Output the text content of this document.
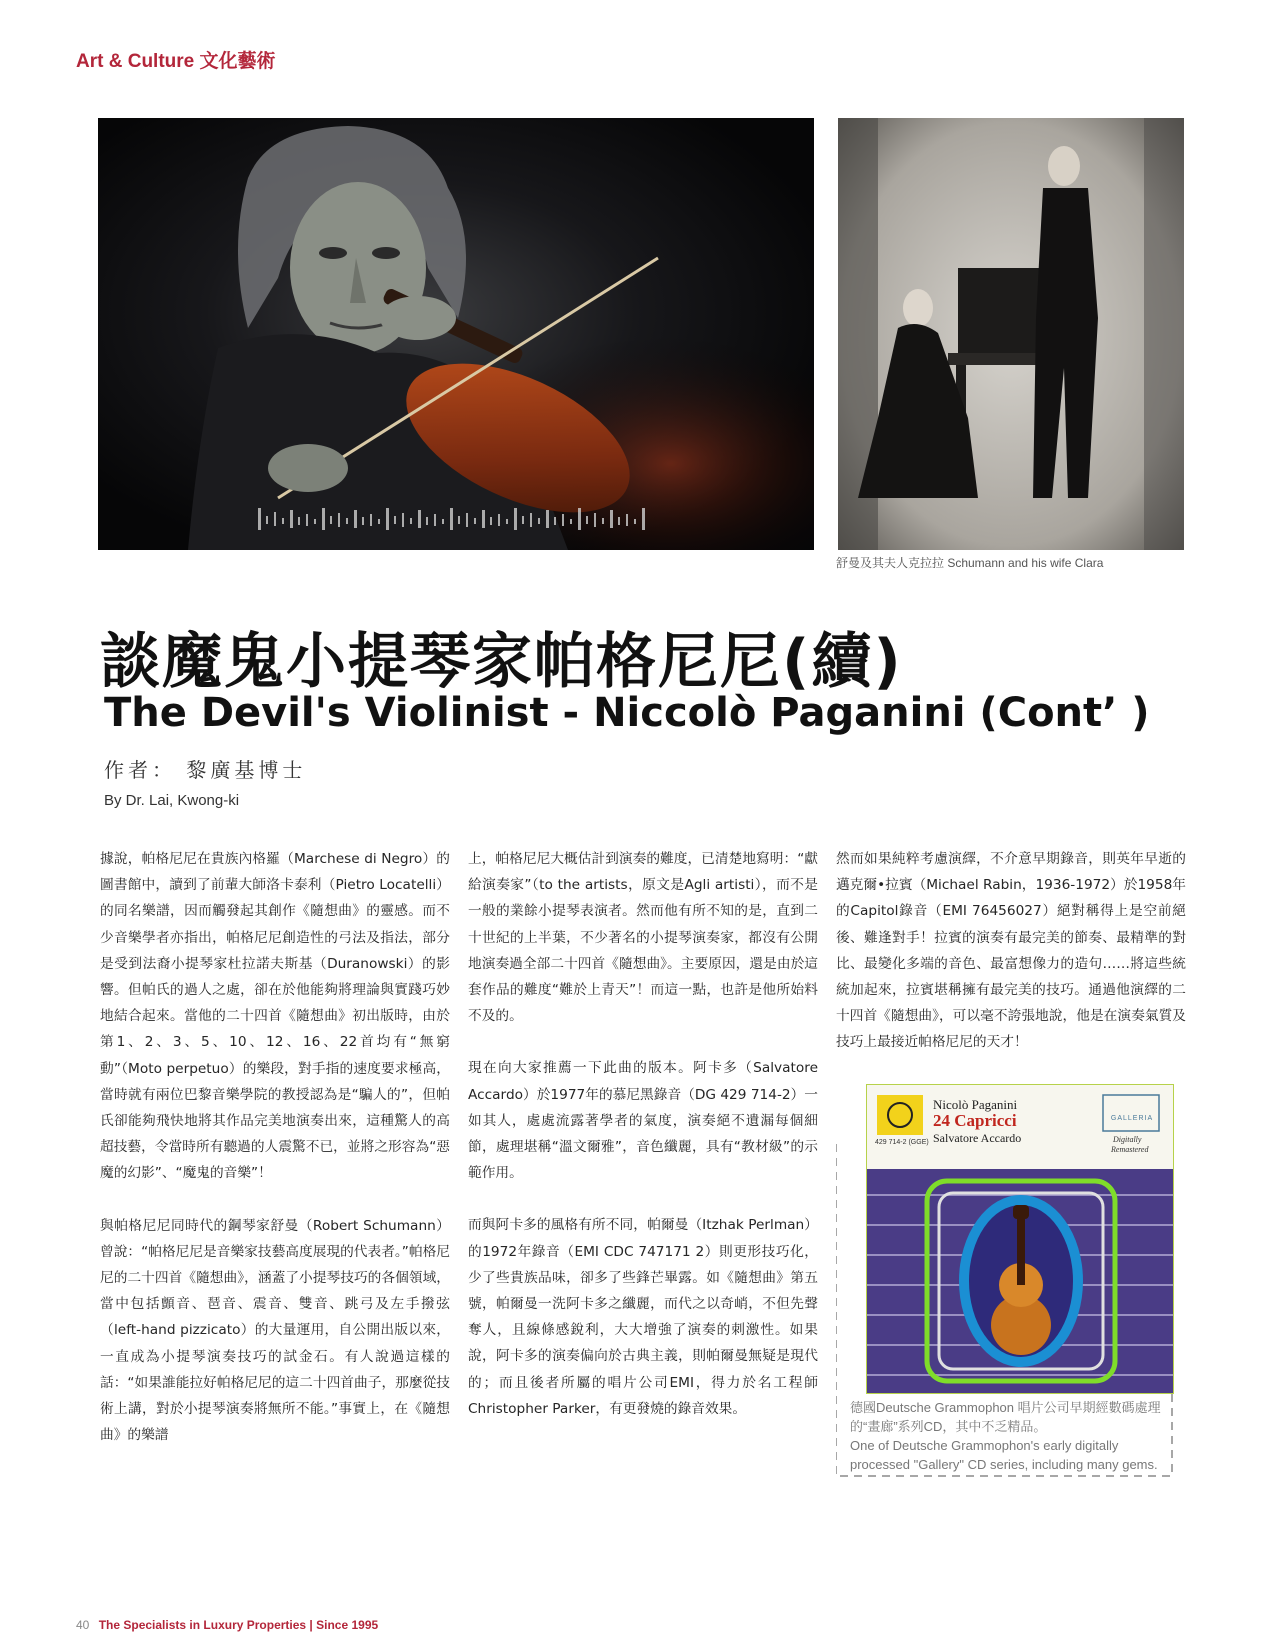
Art & Culture 文化藝術
舒曼及其夫人克拉拉 Schumann and his wife Clara
談魔鬼小提琴家帕格尼尼(續)
The Devil's Violinist - Niccolò Paganini (Cont’ )
作者： 黎廣基博士
By Dr. Lai, Kwong-ki

據說，帕格尼尼在貴族內格羅（Marchese di Negro）的圖書館中，讀到了前輩大師洛卡泰利（Pietro Locatelli）的同名樂譜，因而觸發起其創作《隨想曲》的靈感。而不少音樂學者亦指出，帕格尼尼創造性的弓法及指法，部分是受到法裔小提琴家杜拉諾夫斯基（Duranowski）的影響。但帕氏的過人之處，卻在於他能夠將理論與實踐巧妙地結合起來。當他的二十四首《隨想曲》初出版時，由於第1、2、3、5、10、12、16、22首均有“無窮動”（Moto perpetuo）的樂段，對手指的速度要求極高，當時就有兩位巴黎音樂學院的教授認為是“騙人的”，但帕氏卻能夠飛快地將其作品完美地演奏出來，這種驚人的高超技藝，令當時所有聽過的人震驚不已，並將之形容為“惡魔的幻影”、“魔鬼的音樂”！

與帕格尼尼同時代的鋼琴家舒曼（Robert Schumann）曾說：“帕格尼尼是音樂家技藝高度展現的代表者。”帕格尼尼的二十四首《隨想曲》，涵蓋了小提琴技巧的各個領域，當中包括顫音、琶音、震音、雙音、跳弓及左手撥弦（left-hand pizzicato）的大量運用，自公開出版以來，一直成為小提琴演奏技巧的試金石。有人說過這樣的話：“如果誰能拉好帕格尼尼的這二十四首曲子，那麼從技術上講，對於小提琴演奏將無所不能。”事實上，在《隨想曲》的樂譜

上，帕格尼尼大概估計到演奏的難度，已清楚地寫明：“獻給演奏家”（to the artists，原文是Agli artisti），而不是一般的業餘小提琴表演者。然而他有所不知的是，直到二十世紀的上半葉，不少著名的小提琴演奏家，都沒有公開地演奏過全部二十四首《隨想曲》。主要原因，還是由於這套作品的難度“難於上青天”！而這一點，也許是他所始料不及的。

現在向大家推薦一下此曲的版本。阿卡多（Salvatore Accardo）於1977年的慕尼黑錄音（DG 429 714-2）一如其人，處處流露著學者的氣度，演奏絕不遺漏每個細節，處理堪稱“溫文爾雅”，音色纖麗，具有“教材級”的示範作用。

而與阿卡多的風格有所不同，帕爾曼（Itzhak Perlman）的1972年錄音（EMI CDC 747171 2）則更形技巧化，少了些貴族品味，卻多了些鋒芒畢露。如《隨想曲》第五號，帕爾曼一洗阿卡多之纖麗，而代之以奇峭，不但先聲奪人，且線條感銳利，大大增強了演奏的刺激性。如果說，阿卡多的演奏偏向於古典主義，則帕爾曼無疑是現代的；而且後者所屬的唱片公司EMI，得力於名工程師Christopher Parker，有更發燒的錄音效果。

然而如果純粹考慮演繹，不介意早期錄音，則英年早逝的邁克爾•拉賓（Michael Rabin，1936-1972）於1958年的Capitol錄音（EMI 76456027）絕對稱得上是空前絕後、難逢對手！拉賓的演奏有最完美的節奏、最精準的對比、最變化多端的音色、最富想像力的造句……將這些統統加起來，拉賓堪稱擁有最完美的技巧。通過他演繹的二十四首《隨想曲》，可以毫不誇張地說，他是在演奏氣質及技巧上最接近帕格尼尼的天才！

Nicolò Paganini
24 Capricci
Salvatore Accardo
429 714-2 (GGE)
GALLERIA
Digitally
Remastered
德國Deutsche Grammophon 唱片公司早期經數碼處理的“畫廊”系列CD，其中不乏精品。
One of Deutsche Grammophon's early digitally processed "Gallery" CD series, including many gems.
40 The Specialists in Luxury Properties | Since 1995
